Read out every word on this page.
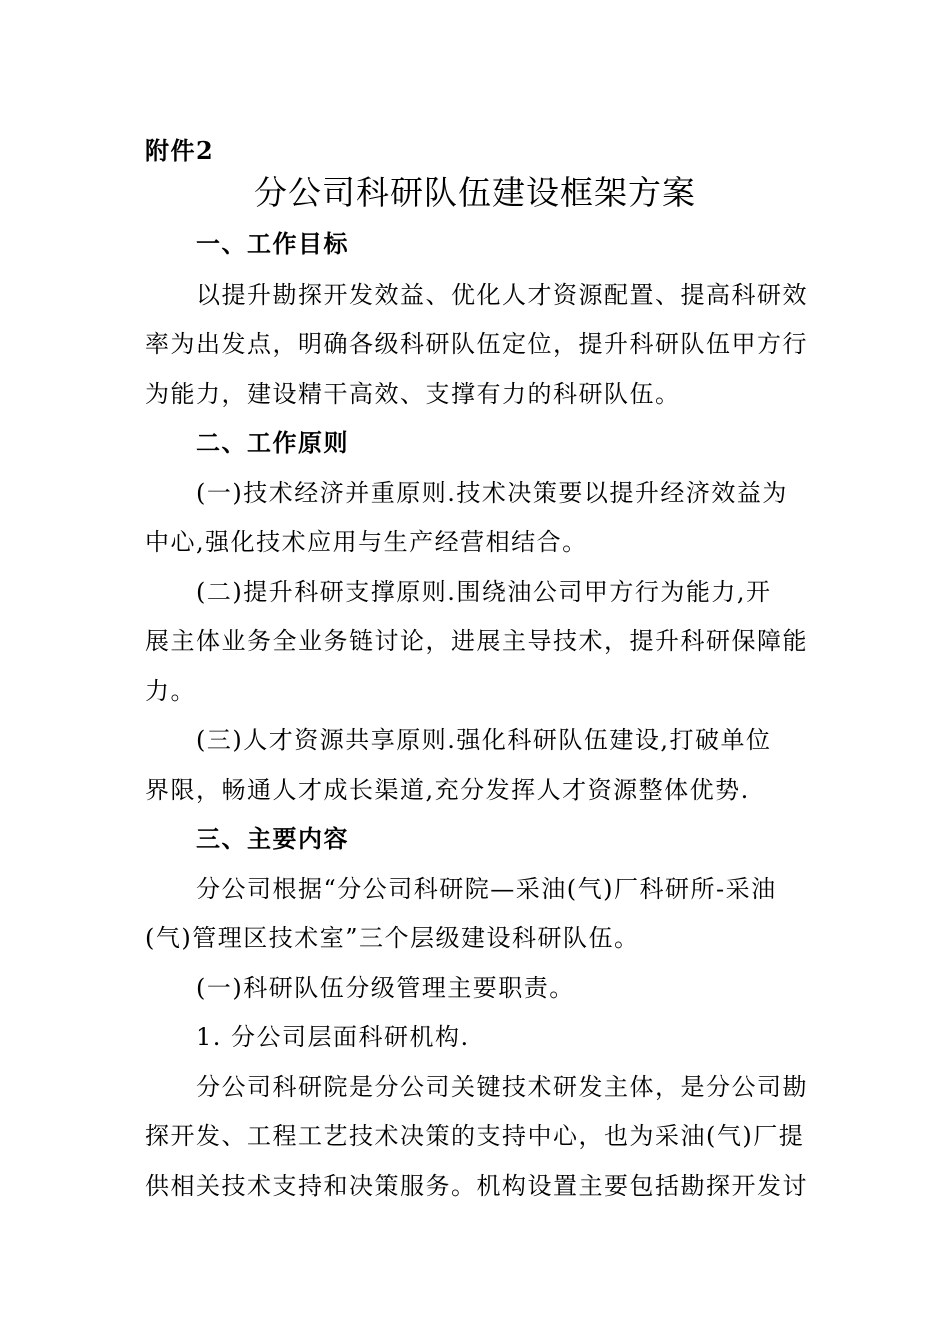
附件2
分公司科研队伍建设框架方案
一、工作目标
以提升勘探开发效益、优化人才资源配置、提高科研效
率为出发点，明确各级科研队伍定位，提升科研队伍甲方行
为能力，建设精干高效、支撑有力的科研队伍。
二、工作原则
(一)技术经济并重原则.技术决策要以提升经济效益为
中心,强化技术应用与生产经营相结合。
(二)提升科研支撑原则.围绕油公司甲方行为能力,开
展主体业务全业务链讨论，进展主导技术，提升科研保障能
力。
(三)人才资源共享原则.强化科研队伍建设,打破单位
界限，畅通人才成长渠道,充分发挥人才资源整体优势.
三、主要内容
分公司根据“分公司科研院—采油(气)厂科研所-采油
(气)管理区技术室”三个层级建设科研队伍。
(一)科研队伍分级管理主要职责。
1. 分公司层面科研机构.
分公司科研院是分公司关键技术研发主体，是分公司勘
探开发、工程工艺技术决策的支持中心，也为采油(气)厂提
供相关技术支持和决策服务。机构设置主要包括勘探开发讨
